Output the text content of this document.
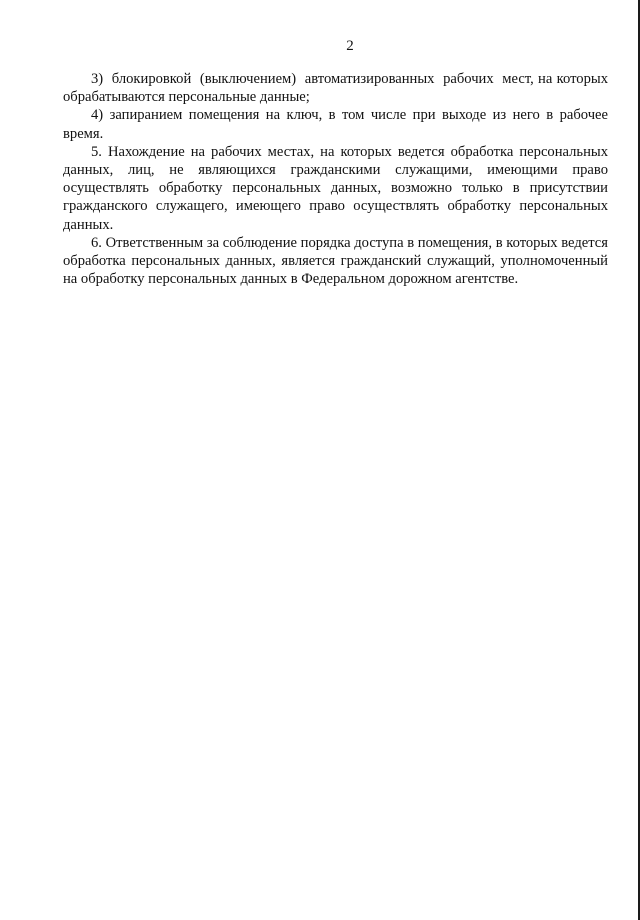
2

3)  блокировкой  (выключением)  автоматизированных  рабочих  мест, на которых обрабатываются персональные данные;

4) запиранием помещения на ключ, в том числе при выходе из него в рабочее время.

5. Нахождение на рабочих местах, на которых ведется обработка персональных данных, лиц, не являющихся гражданскими служащими, имеющими право осуществлять обработку персональных данных, возможно только в присутствии гражданского служащего, имеющего право осуществлять обработку персональных данных.

6. Ответственным за соблюдение порядка доступа в помещения, в которых ведется обработка персональных данных, является гражданский служащий, уполномоченный на обработку персональных данных в Федеральном дорожном агентстве.
